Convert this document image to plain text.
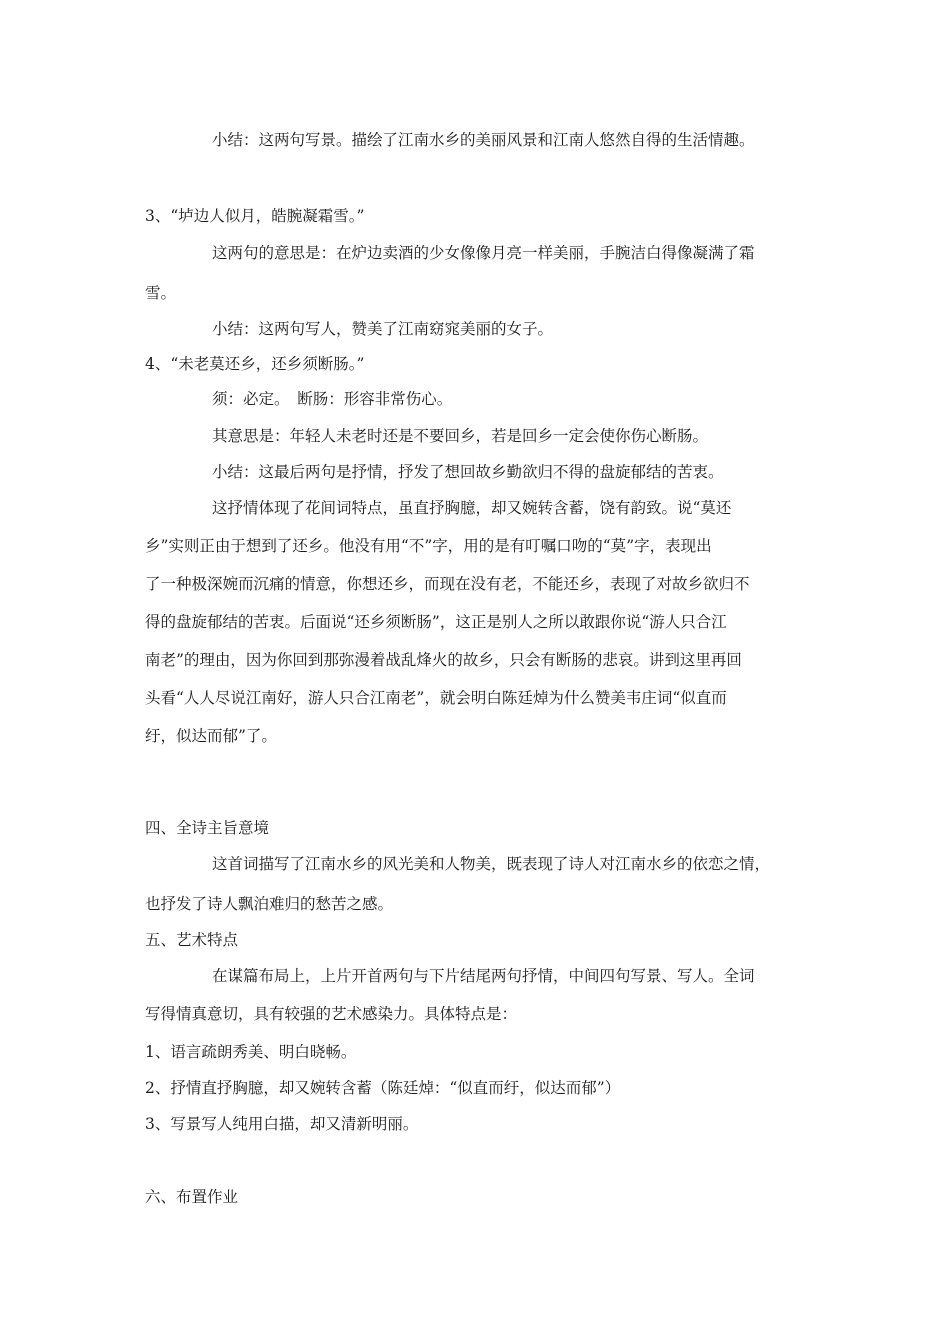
小结：这两句写景。描绘了江南水乡的美丽风景和江南人悠然自得的生活情趣。
3、“垆边人似月，皓腕凝霜雪。”
这两句的意思是：在炉边卖酒的少女像像月亮一样美丽，手腕洁白得像凝满了霜
雪。
小结：这两句写人，赞美了江南窈窕美丽的女子。
4、“未老莫还乡，还乡须断肠。”
须：必定。　断肠：形容非常伤心。
其意思是：年轻人未老时还是不要回乡，若是回乡一定会使你伤心断肠。
小结：这最后两句是抒情，抒发了想回故乡勤欲归不得的盘旋郁结的苦衷。
这抒情体现了花间词特点，虽直抒胸臆，却又婉转含蓄，饶有韵致。说“莫还
乡”实则正由于想到了还乡。他没有用“不”字，用的是有叮嘱口吻的“莫”字，表现出
了一种极深婉而沉痛的情意，你想还乡，而现在没有老，不能还乡，表现了对故乡欲归不
得的盘旋郁结的苦衷。后面说“还乡须断肠”，这正是别人之所以敢跟你说“游人只合江
南老”的理由，因为你回到那弥漫着战乱烽火的故乡，只会有断肠的悲哀。讲到这里再回
头看“人人尽说江南好，游人只合江南老”，就会明白陈廷焯为什么赞美韦庄词“似直而
纡，似达而郁”了。
四、全诗主旨意境
这首词描写了江南水乡的风光美和人物美，既表现了诗人对江南水乡的依恋之情，
也抒发了诗人飘泊难归的愁苦之感。
五、艺术特点
在谋篇布局上，上片开首两句与下片结尾两句抒情，中间四句写景、写人。全词
写得情真意切，具有较强的艺术感染力。具体特点是：
1、语言疏朗秀美、明白晓畅。
2、抒情直抒胸臆，却又婉转含蓄（陈廷焯：“似直而纡，似达而郁”）
3、写景写人纯用白描，却又清新明丽。
六、布置作业
